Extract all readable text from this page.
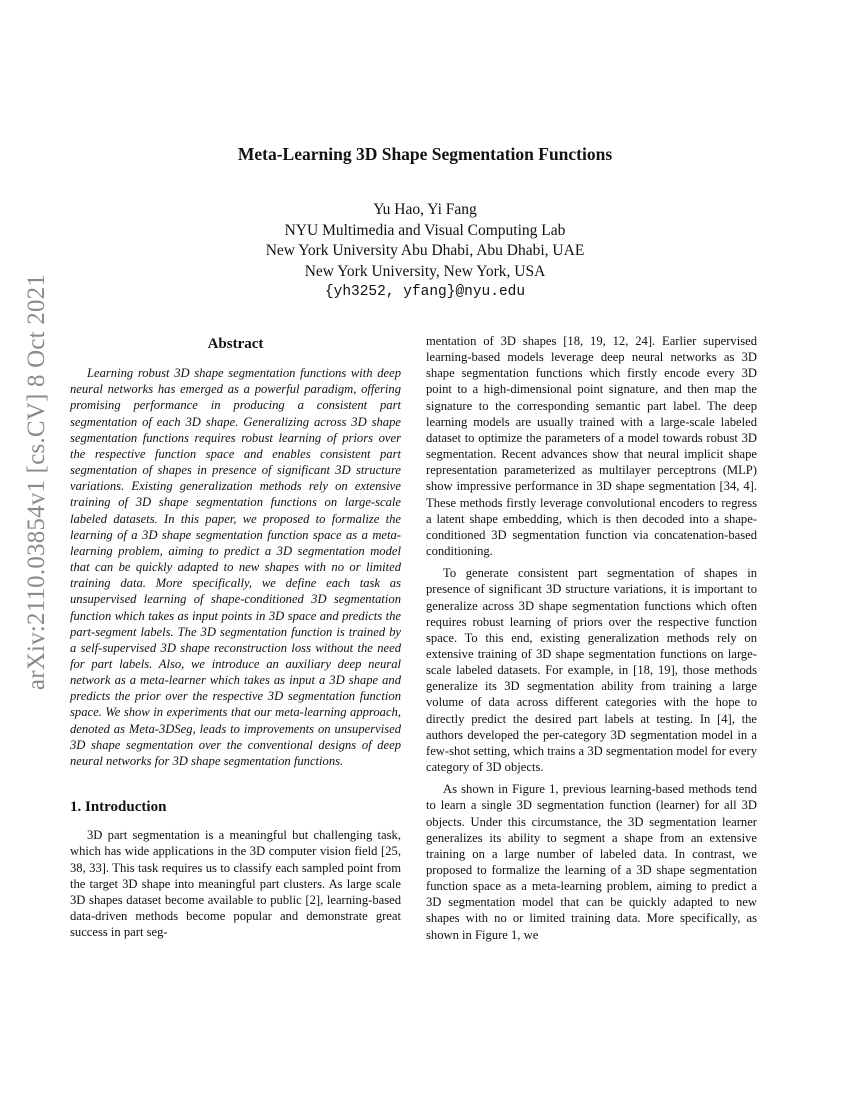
arXiv:2110.03854v1 [cs.CV] 8 Oct 2021
Meta-Learning 3D Shape Segmentation Functions
Yu Hao, Yi Fang
NYU Multimedia and Visual Computing Lab
New York University Abu Dhabi, Abu Dhabi, UAE
New York University, New York, USA
{yh3252, yfang}@nyu.edu
Abstract

Learning robust 3D shape segmentation functions with deep neural networks has emerged as a powerful paradigm, offering promising performance in producing a consistent part segmentation of each 3D shape. Generalizing across 3D shape segmentation functions requires robust learning of priors over the respective function space and enables consistent part segmentation of shapes in presence of significant 3D structure variations. Existing generalization methods rely on extensive training of 3D shape segmentation functions on large-scale labeled datasets. In this paper, we proposed to formalize the learning of a 3D shape segmentation function space as a meta-learning problem, aiming to predict a 3D segmentation model that can be quickly adapted to new shapes with no or limited training data. More specifically, we define each task as unsupervised learning of shape-conditioned 3D segmentation function which takes as input points in 3D space and predicts the part-segment labels. The 3D segmentation function is trained by a self-supervised 3D shape reconstruction loss without the need for part labels. Also, we introduce an auxiliary deep neural network as a meta-learner which takes as input a 3D shape and predicts the prior over the respective 3D segmentation function space. We show in experiments that our meta-learning approach, denoted as Meta-3DSeg, leads to improvements on unsupervised 3D shape segmentation over the conventional designs of deep neural networks for 3D shape segmentation functions.

1. Introduction

3D part segmentation is a meaningful but challenging task, which has wide applications in the 3D computer vision field [25, 38, 33]. This task requires us to classify each sampled point from the target 3D shape into meaningful part clusters. As large scale 3D shapes dataset become available to public [2], learning-based data-driven methods become popular and demonstrate great success in part seg-

mentation of 3D shapes [18, 19, 12, 24]. Earlier supervised learning-based models leverage deep neural networks as 3D shape segmentation functions which firstly encode every 3D point to a high-dimensional point signature, and then map the signature to the corresponding semantic part label. The deep learning models are usually trained with a large-scale labeled dataset to optimize the parameters of a model towards robust 3D segmentation. Recent advances show that neural implicit shape representation parameterized as multilayer perceptrons (MLP) show impressive performance in 3D shape segmentation [34, 4]. These methods firstly leverage convolutional encoders to regress a latent shape embedding, which is then decoded into a shape-conditioned 3D segmentation function via concatenation-based conditioning.

To generate consistent part segmentation of shapes in presence of significant 3D structure variations, it is important to generalize across 3D shape segmentation functions which often requires robust learning of priors over the respective function space. To this end, existing generalization methods rely on extensive training of 3D shape segmentation functions on large-scale labeled datasets. For example, in [18, 19], those methods generalize its 3D segmentation ability from training a large volume of data across different categories with the hope to directly predict the desired part labels at testing. In [4], the authors developed the per-category 3D segmentation model in a few-shot setting, which trains a 3D segmentation model for every category of 3D objects.

As shown in Figure 1, previous learning-based methods tend to learn a single 3D segmentation function (learner) for all 3D objects. Under this circumstance, the 3D segmentation learner generalizes its ability to segment a shape from an extensive training on a large number of labeled data. In contrast, we proposed to formalize the learning of a 3D shape segmentation function space as a meta-learning problem, aiming to predict a 3D segmentation model that can be quickly adapted to new shapes with no or limited training data. More specifically, as shown in Figure 1, we
